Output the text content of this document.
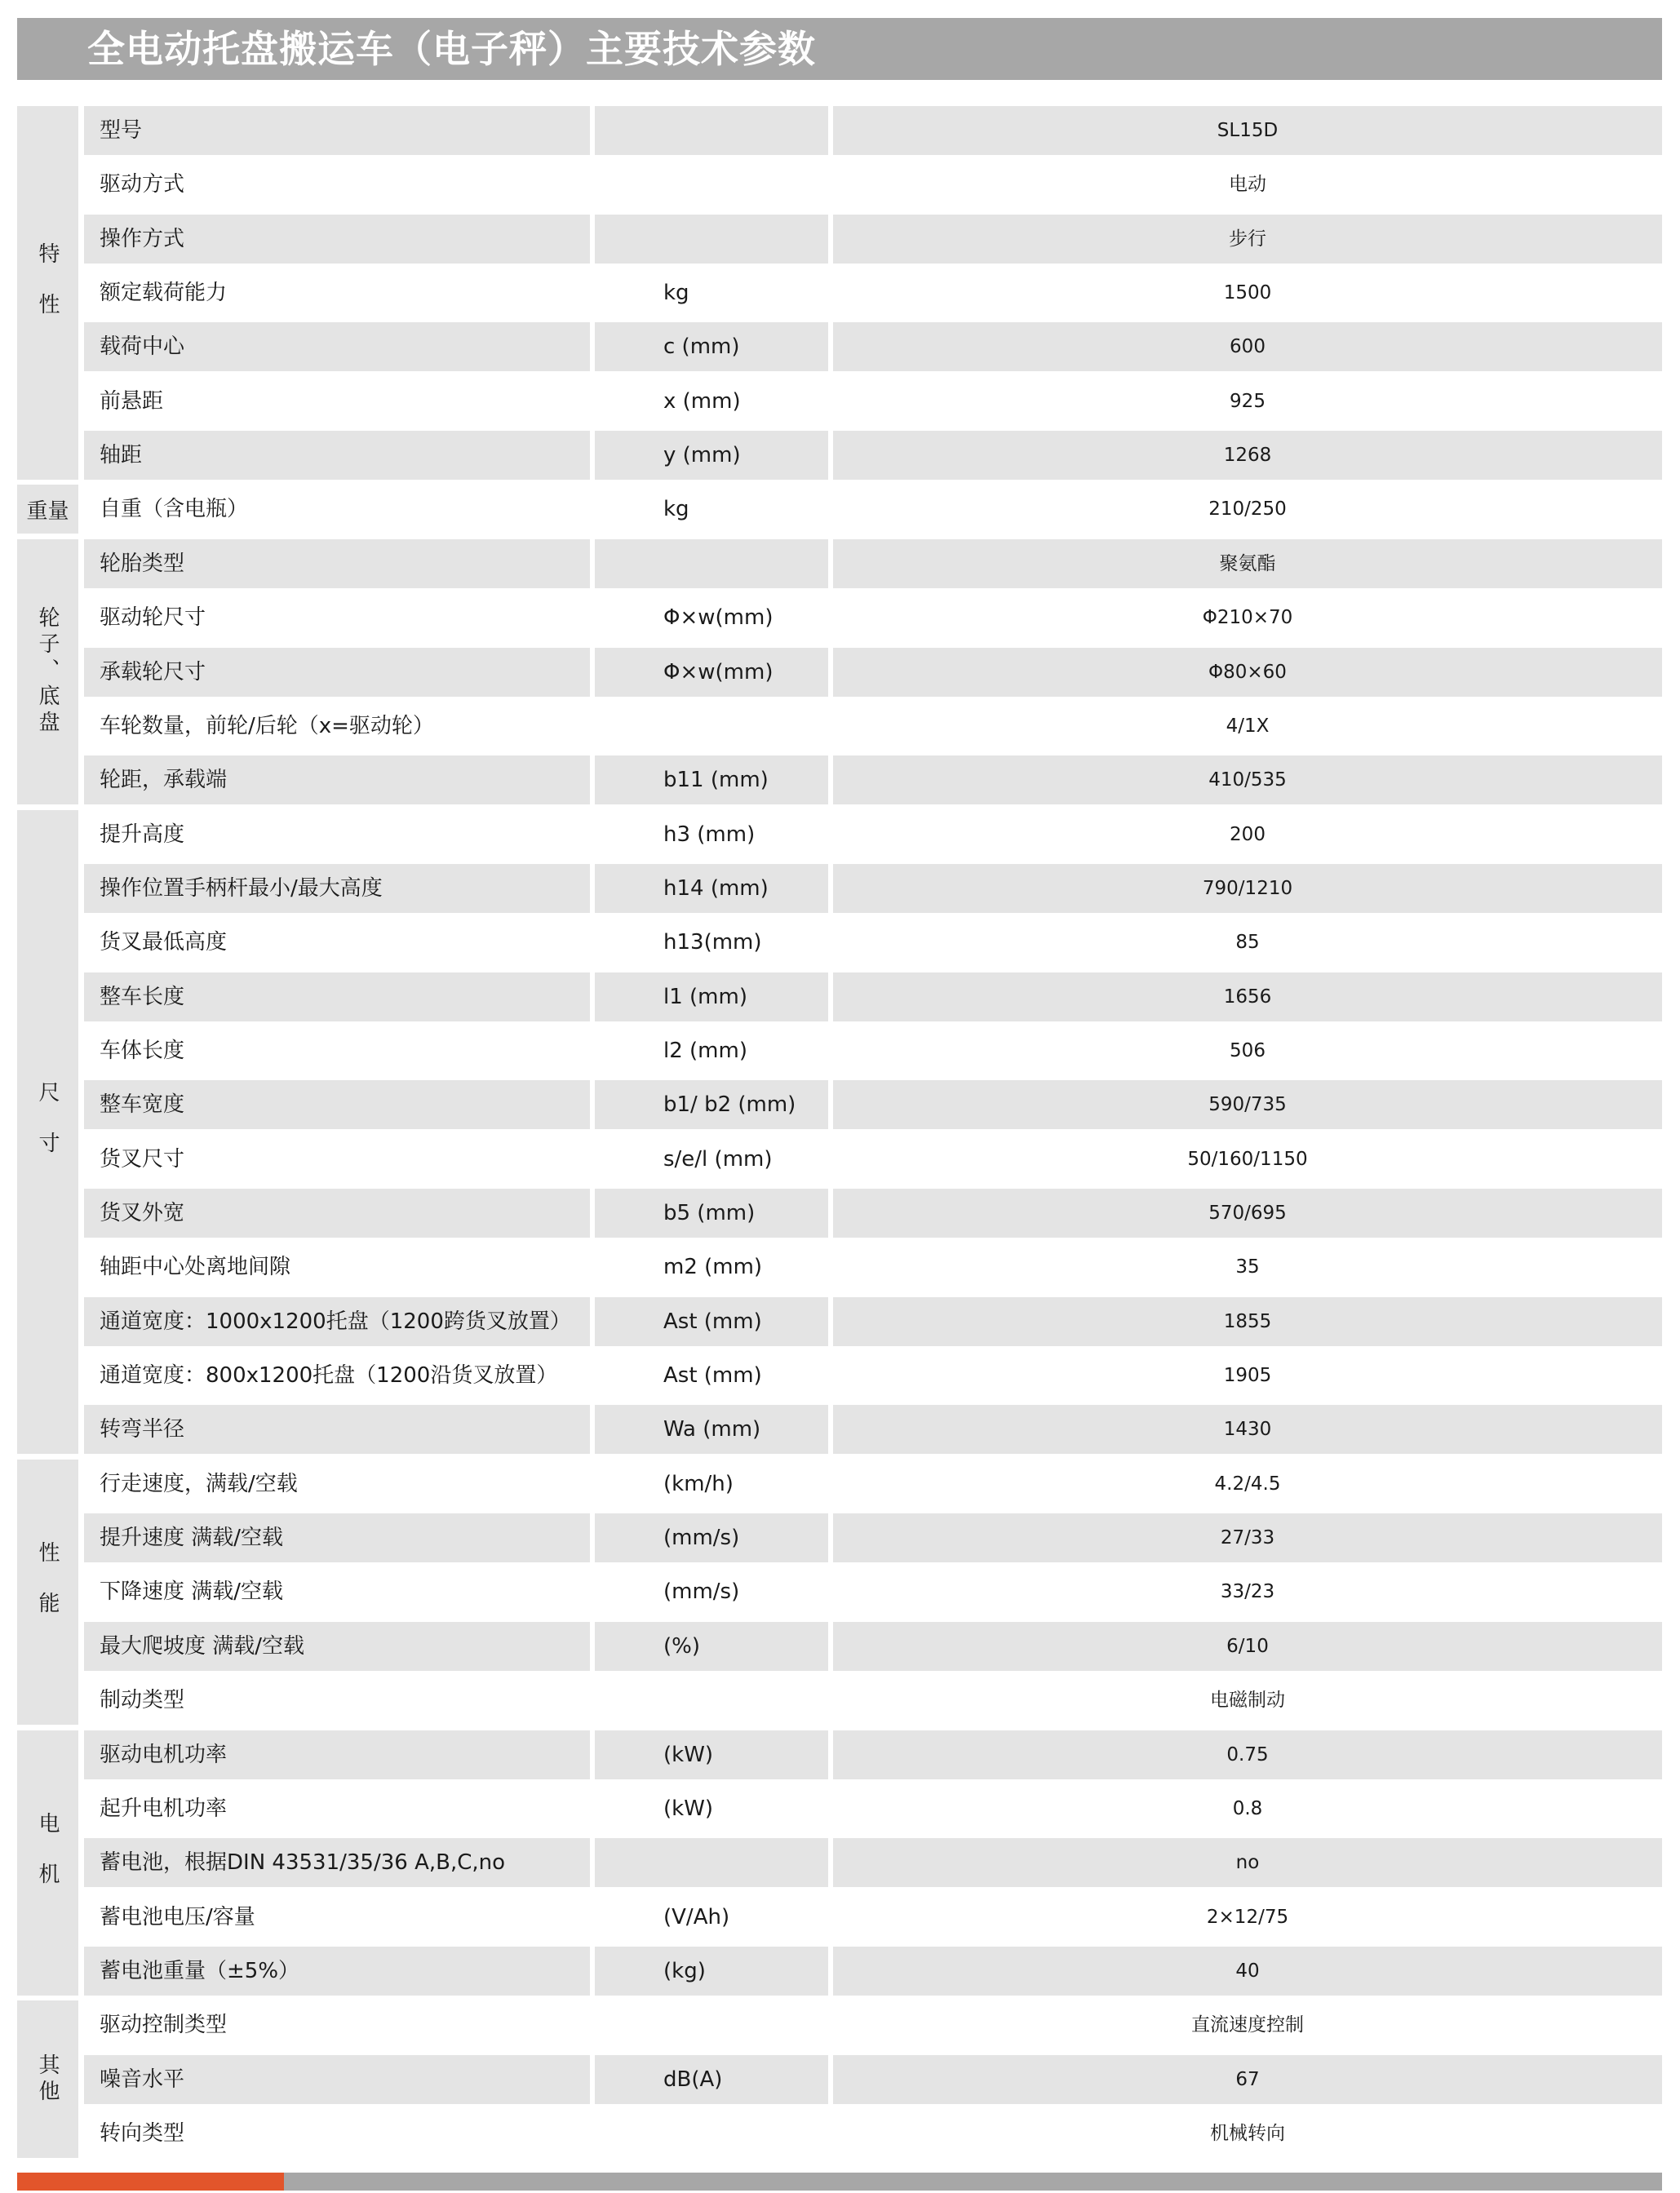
全电动托盘搬运车（电子秤）主要技术参数
特性
型号	SL15D
驱动方式	电动
操作方式	步行
额定载荷能力	kg	1500
载荷中心	c (mm)	600
前悬距	x (mm)	925
轴距	y (mm)	1268
重量	自重（含电瓶）	kg	210/250
轮子、底盘
轮胎类型	聚氨酯
驱动轮尺寸	Φ×w(mm)	Φ210×70
承载轮尺寸	Φ×w(mm)	Φ80×60
车轮数量，前轮/后轮（x=驱动轮）	4/1X
轮距，承载端	b11 (mm)	410/535
尺寸
提升高度	h3 (mm)	200
操作位置手柄杆最小/最大高度	h14 (mm)	790/1210
货叉最低高度	h13(mm)	85
整车长度	l1 (mm)	1656
车体长度	l2 (mm)	506
整车宽度	b1/ b2 (mm)	590/735
货叉尺寸	s/e/l (mm)	50/160/1150
货叉外宽	b5 (mm)	570/695
轴距中心处离地间隙	m2 (mm)	35
通道宽度：1000x1200托盘（1200跨货叉放置）	Ast (mm)	1855
通道宽度：800x1200托盘（1200沿货叉放置）	Ast (mm)	1905
转弯半径	Wa (mm)	1430
性能
行走速度，满载/空载	(km/h)	4.2/4.5
提升速度 满载/空载	(mm/s)	27/33
下降速度 满载/空载	(mm/s)	33/23
最大爬坡度 满载/空载	(%)	6/10
制动类型	电磁制动
电机
驱动电机功率	(kW)	0.75
起升电机功率	(kW)	0.8
蓄电池，根据DIN 43531/35/36 A,B,C,no	no
蓄电池电压/容量	(V/Ah)	2×12/75
蓄电池重量（±5%）	(kg)	40
其他
驱动控制类型	直流速度控制
噪音水平	dB(A)	67
转向类型	机械转向
